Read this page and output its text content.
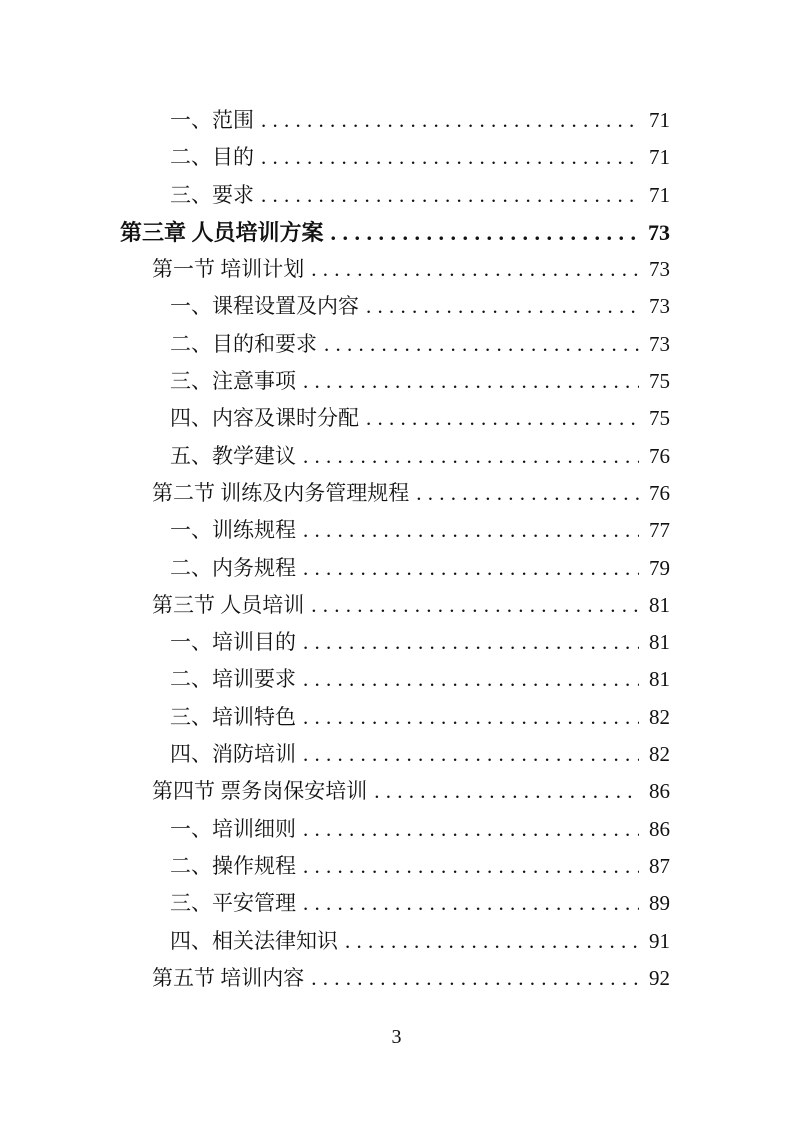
一、范围 . . .	71
二、目的 . . .	71
三、要求 . . .	71
第三章 人员培训方案 . . .	73
第一节 培训计划 . . .	73
一、课程设置及内容 . . .	73
二、目的和要求 . . .	73
三、注意事项 . . .	75
四、内容及课时分配 . . .	75
五、教学建议 . . .	76
第二节 训练及内务管理规程 . . .	76
一、训练规程 . . .	77
二、内务规程 . . .	79
第三节 人员培训 . . .	81
一、培训目的 . . .	81
二、培训要求 . . .	81
三、培训特色 . . .	82
四、消防培训 . . .	82
第四节 票务岗保安培训 . . .	86
一、培训细则 . . .	86
二、操作规程 . . .	87
三、平安管理 . . .	89
四、相关法律知识 . . .	91
第五节 培训内容 . . .	92
3
